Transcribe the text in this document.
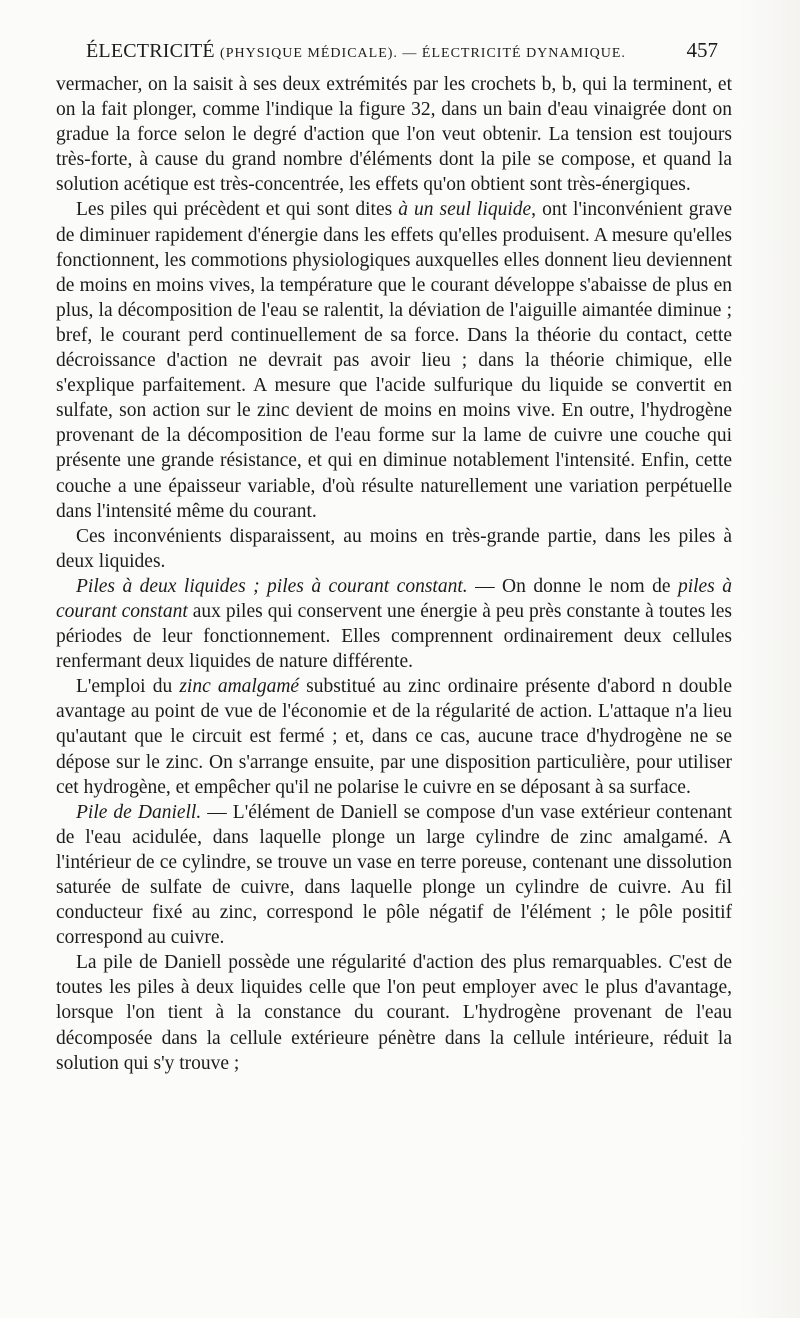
ÉLECTRICITÉ (PHYSIQUE MÉDICALE). — ÉLECTRICITÉ DYNAMIQUE.	457

vermacher, on la saisit à ses deux extrémités par les crochets b, b, qui la terminent, et on la fait plonger, comme l'indique la figure 32, dans un bain d'eau vinaigrée dont on gradue la force selon le degré d'action que l'on veut obtenir. La tension est toujours très-forte, à cause du grand nombre d'éléments dont la pile se compose, et quand la solution acétique est très-concentrée, les effets qu'on obtient sont très-énergiques.

Les piles qui précèdent et qui sont dites à un seul liquide, ont l'inconvénient grave de diminuer rapidement d'énergie dans les effets qu'elles produisent. A mesure qu'elles fonctionnent, les commotions physiologiques auxquelles elles donnent lieu deviennent de moins en moins vives, la température que le courant développe s'abaisse de plus en plus, la décomposition de l'eau se ralentit, la déviation de l'aiguille aimantée diminue ; bref, le courant perd continuellement de sa force. Dans la théorie du contact, cette décroissance d'action ne devrait pas avoir lieu ; dans la théorie chimique, elle s'explique parfaitement. A mesure que l'acide sulfurique du liquide se convertit en sulfate, son action sur le zinc devient de moins en moins vive. En outre, l'hydrogène provenant de la décomposition de l'eau forme sur la lame de cuivre une couche qui présente une grande résistance, et qui en diminue notablement l'intensité. Enfin, cette couche a une épaisseur variable, d'où résulte naturellement une variation perpétuelle dans l'intensité même du courant.

Ces inconvénients disparaissent, au moins en très-grande partie, dans les piles à deux liquides.

Piles à deux liquides ; piles à courant constant. — On donne le nom de piles à courant constant aux piles qui conservent une énergie à peu près constante à toutes les périodes de leur fonctionnement. Elles comprennent ordinairement deux cellules renfermant deux liquides de nature différente.

L'emploi du zinc amalgamé substitué au zinc ordinaire présente d'abord n double avantage au point de vue de l'économie et de la régularité de action. L'attaque n'a lieu qu'autant que le circuit est fermé ; et, dans ce cas, aucune trace d'hydrogène ne se dépose sur le zinc. On s'arrange ensuite, par une disposition particulière, pour utiliser cet hydrogène, et empêcher qu'il ne polarise le cuivre en se déposant à sa surface.

Pile de Daniell. — L'élément de Daniell se compose d'un vase extérieur contenant de l'eau acidulée, dans laquelle plonge un large cylindre de zinc amalgamé. A l'intérieur de ce cylindre, se trouve un vase en terre poreuse, contenant une dissolution saturée de sulfate de cuivre, dans laquelle plonge un cylindre de cuivre. Au fil conducteur fixé au zinc, correspond le pôle négatif de l'élément ; le pôle positif correspond au cuivre.

La pile de Daniell possède une régularité d'action des plus remarquables. C'est de toutes les piles à deux liquides celle que l'on peut employer avec le plus d'avantage, lorsque l'on tient à la constance du courant. L'hydrogène provenant de l'eau décomposée dans la cellule extérieure pénètre dans la cellule intérieure, réduit la solution qui s'y trouve ;
